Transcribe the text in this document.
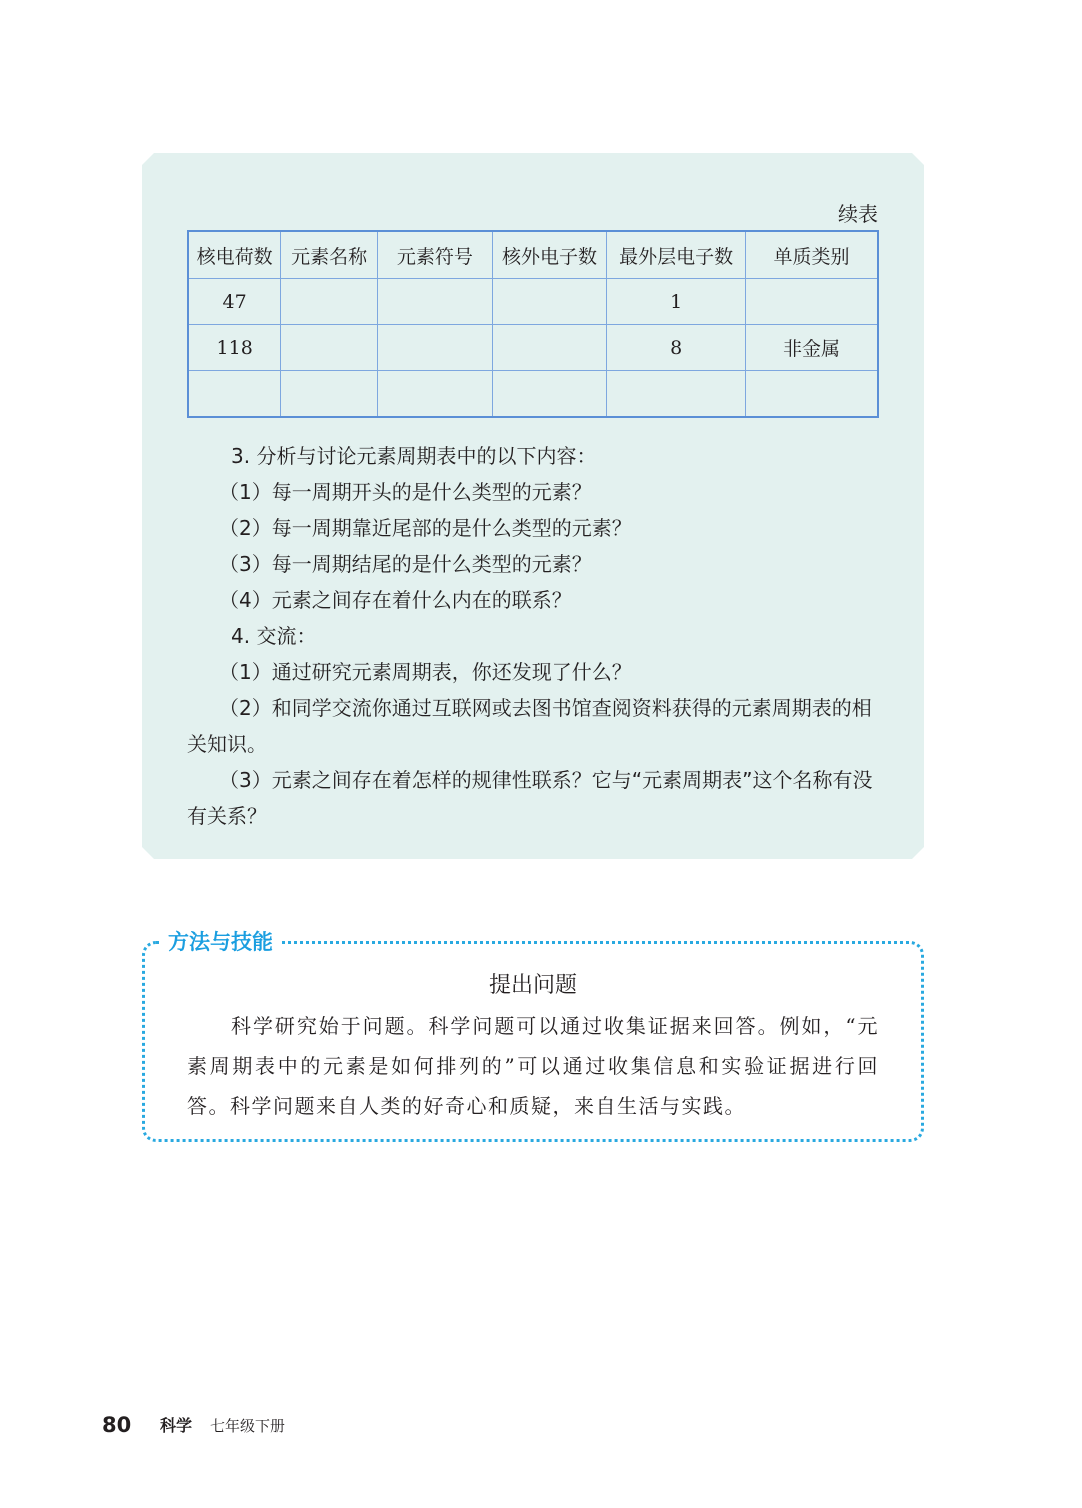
续表
核电荷数	元素名称	元素符号	核外电子数	最外层电子数	单质类别
47				1	
118				8	非金属

3. 分析与讨论元素周期表中的以下内容：
（1）每一周期开头的是什么类型的元素？
（2）每一周期靠近尾部的是什么类型的元素？
（3）每一周期结尾的是什么类型的元素？
（4）元素之间存在着什么内在的联系？
4. 交流：
（1）通过研究元素周期表，你还发现了什么？
（2）和同学交流你通过互联网或去图书馆查阅资料获得的元素周期表的相关知识。
（3）元素之间存在着怎样的规律性联系？它与“元素周期表”这个名称有没有关系？
方法与技能
提出问题
科学研究始于问题。科学问题可以通过收集证据来回答。例如，“元素周期表中的元素是如何排列的”可以通过收集信息和实验证据进行回答。科学问题来自人类的好奇心和质疑，来自生活与实践。
80 科学 七年级下册
